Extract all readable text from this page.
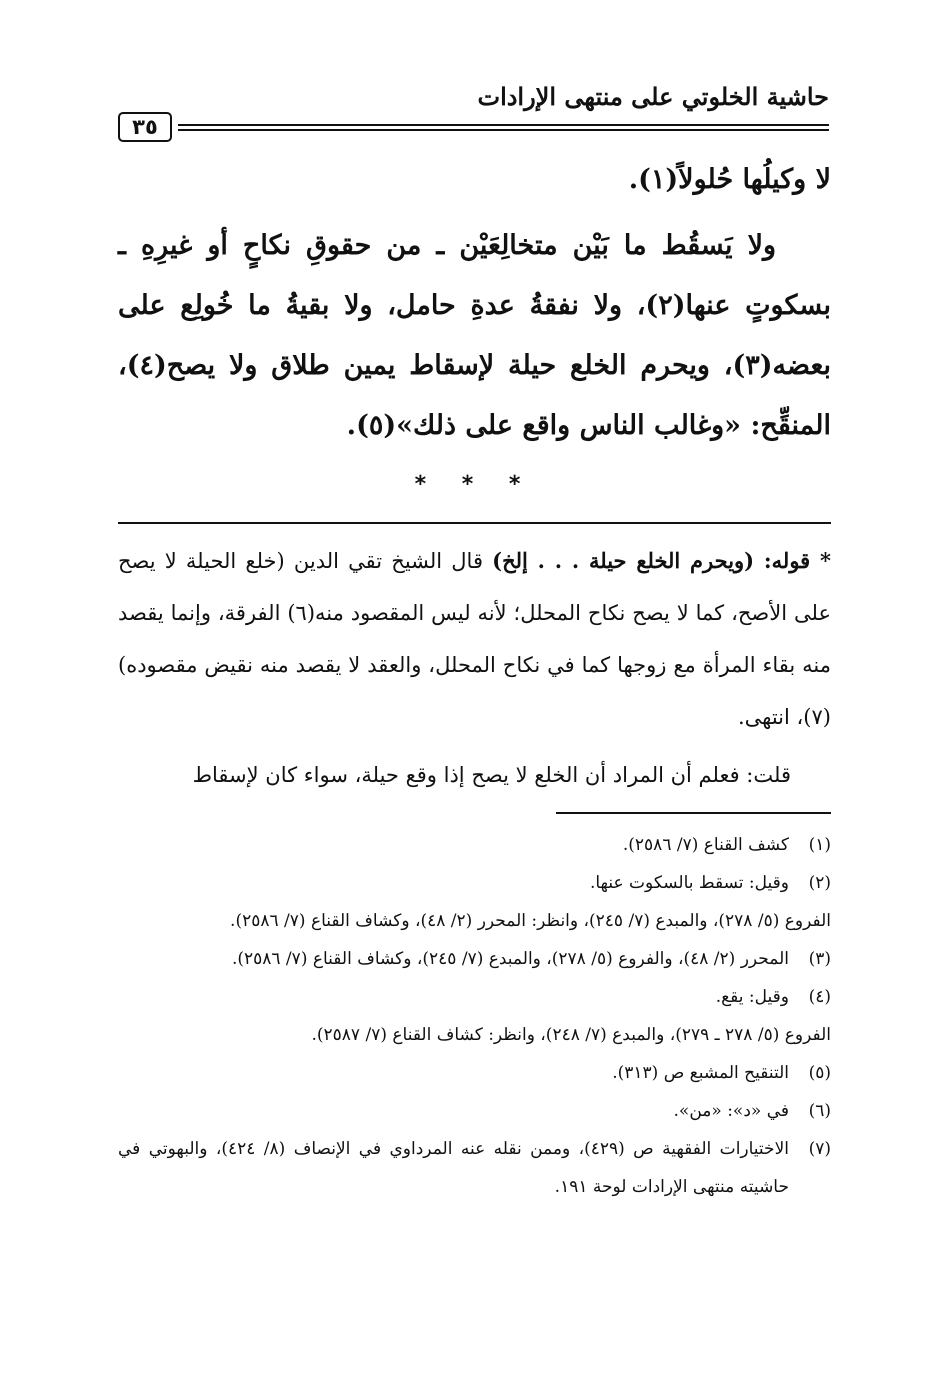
حاشية الخلوتي على منتهى الإرادات
٣٥

لا وكيلُها حُلولاً(١).

ولا يَسقُط ما بَيْن متخالِعَيْن ـ من حقوقِ نكاحٍ أو غيرِهِ ـ بسكوتٍ عنها(٢)، ولا نفقةُ عدةِ حامل، ولا بقيةُ ما خُولِع على بعضه(٣)، ويحرم الخلع حيلة لإسقاط يمين طلاق ولا يصح(٤)، المنقِّح: «وغالب الناس واقع على ذلك»(٥).

* * *

* قوله: (ويحرم الخلع حيلة . . . إلخ) قال الشيخ تقي الدين (خلع الحيلة لا يصح على الأصح، كما لا يصح نكاح المحلل؛ لأنه ليس المقصود منه(٦) الفرقة، وإنما يقصد منه بقاء المرأة مع زوجها كما في نكاح المحلل، والعقد لا يقصد منه نقيض مقصوده)(٧)، انتهى.

قلت: فعلم أن المراد أن الخلع لا يصح إذا وقع حيلة، سواء كان لإسقاط

(١)
كشف القناع (٧/ ٢٥٨٦).
(٢)
وقيل: تسقط بالسكوت عنها.
الفروع (٥/ ٢٧٨)، والمبدع (٧/ ٢٤٥)، وانظر: المحرر (٢/ ٤٨)، وكشاف القناع (٧/ ٢٥٨٦).
(٣)
المحرر (٢/ ٤٨)، والفروع (٥/ ٢٧٨)، والمبدع (٧/ ٢٤٥)، وكشاف القناع (٧/ ٢٥٨٦).
(٤)
وقيل: يقع.
الفروع (٥/ ٢٧٨ ـ ٢٧٩)، والمبدع (٧/ ٢٤٨)، وانظر: كشاف القناع (٧/ ٢٥٨٧).
(٥)
التنقيح المشبع ص (٣١٣).
(٦)
في «د»: «من».
(٧)
الاختيارات الفقهية ص (٤٢٩)، وممن نقله عنه المرداوي في الإنصاف (٨/ ٤٢٤)، والبهوتي في حاشيته منتهى الإرادات لوحة ١٩١.
